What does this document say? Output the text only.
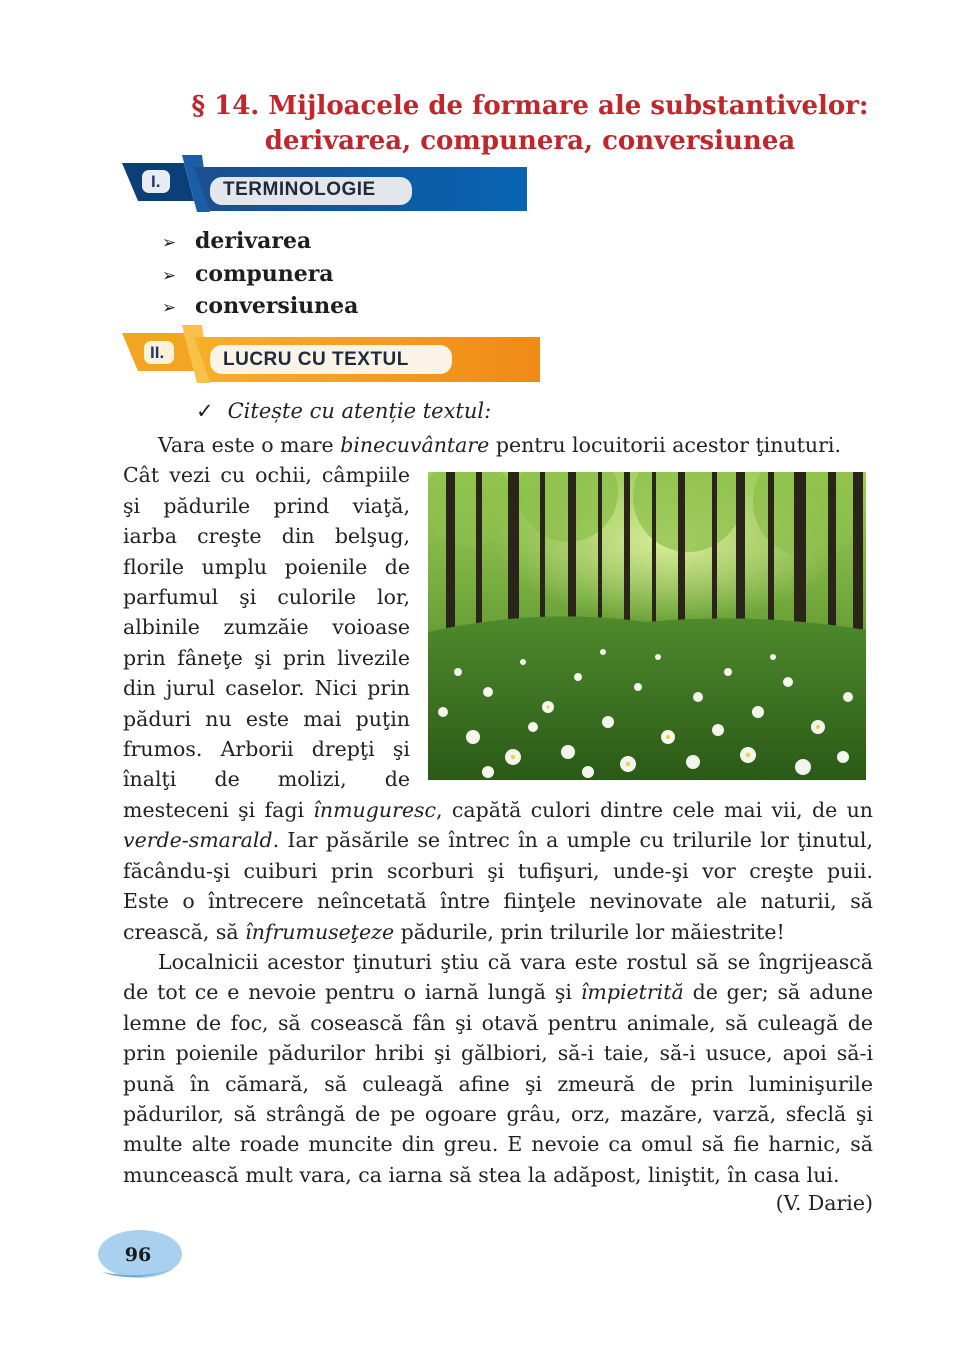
§ 14. Mijloacele de formare ale substantivelor:
derivarea, compunera, conversiunea
I.	TERMINOLOGIE
➢ derivarea
➢ compunera
➢ conversiunea
II.	LUCRU CU TEXTUL
✓ Citește cu atenție textul:
Vara este o mare binecuvântare pentru locuitorii acestor ţinuturi.
Cât vezi cu ochii, câmpiile
şi pădurile prind viaţă,
iarba creşte din belşug,
florile umplu poienile de
parfumul şi culorile lor,
albinile zumzăie voioase
prin fâneţe şi prin livezile
din jurul caselor. Nici prin
păduri nu este mai puţin
frumos. Arborii drepţi şi
înalţi de molizi, de
mesteceni şi fagi înmuguresc, capătă culori dintre cele mai vii, de un
verde-smarald. Iar păsările se întrec în a umple cu trilurile lor ţinutul,
făcându-şi cuiburi prin scorburi şi tufişuri, unde-şi vor creşte puii.
Este o întrecere neîncetată între fiinţele nevinovate ale naturii, să
crească, să înfrumuseţeze pădurile, prin trilurile lor măiestrite!
Localnicii acestor ţinuturi ştiu că vara este rostul să se îngrijească
de tot ce e nevoie pentru o iarnă lungă şi împietrită de ger; să adune
lemne de foc, să cosească fân şi otavă pentru animale, să culeagă de
prin poienile pădurilor hribi şi gălbiori, să-i taie, să-i usuce, apoi să-i
pună în cămară, să culeagă afine şi zmeură de prin luminişurile
pădurilor, să strângă de pe ogoare grâu, orz, mazăre, varză, sfeclă şi
multe alte roade muncite din greu. E nevoie ca omul să fie harnic, să
muncească mult vara, ca iarna să stea la adăpost, liniştit, în casa lui.
(V. Darie)
96
